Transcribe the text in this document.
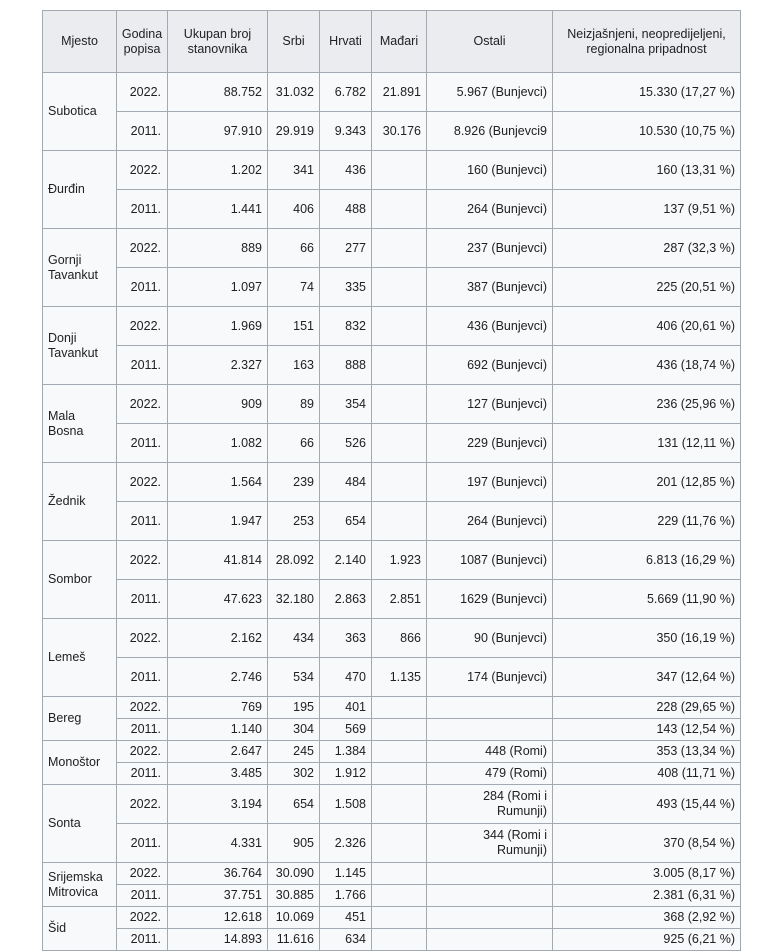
Mjesto	Godina popisa	Ukupan broj stanovnika	Srbi	Hrvati	Mađari	Ostali	Neizjašnjeni, neopredijeljeni, regionalna pripadnost
Subotica	2022.	88.752	31.032	6.782	21.891	5.967 (Bunjevci)	15.330 (17,27 %)
	2011.	97.910	29.919	9.343	30.176	8.926 (Bunjevci9	10.530 (10,75 %)
Đurđin	2022.	1.202	341	436		160 (Bunjevci)	160 (13,31 %)
	2011.	1.441	406	488		264 (Bunjevci)	137 (9,51 %)
Gornji Tavankut	2022.	889	66	277		237 (Bunjevci)	287 (32,3 %)
	2011.	1.097	74	335		387 (Bunjevci)	225 (20,51 %)
Donji Tavankut	2022.	1.969	151	832		436 (Bunjevci)	406 (20,61 %)
	2011.	2.327	163	888		692 (Bunjevci)	436 (18,74 %)
Mala Bosna	2022.	909	89	354		127 (Bunjevci)	236 (25,96 %)
	2011.	1.082	66	526		229 (Bunjevci)	131 (12,11 %)
Žednik	2022.	1.564	239	484		197 (Bunjevci)	201 (12,85 %)
	2011.	1.947	253	654		264 (Bunjevci)	229 (11,76 %)
Sombor	2022.	41.814	28.092	2.140	1.923	1087 (Bunjevci)	6.813 (16,29 %)
	2011.	47.623	32.180	2.863	2.851	1629 (Bunjevci)	5.669 (11,90 %)
Lemeš	2022.	2.162	434	363	866	90 (Bunjevci)	350 (16,19 %)
	2011.	2.746	534	470	1.135	174 (Bunjevci)	347 (12,64 %)
Bereg	2022.	769	195	401			228 (29,65 %)
	2011.	1.140	304	569			143 (12,54 %)
Monoštor	2022.	2.647	245	1.384		448 (Romi)	353 (13,34 %)
	2011.	3.485	302	1.912		479 (Romi)	408 (11,71 %)
Sonta	2022.	3.194	654	1.508		284 (Romi i Rumunji)	493 (15,44 %)
	2011.	4.331	905	2.326		344 (Romi i Rumunji)	370 (8,54 %)
Srijemska Mitrovica	2022.	36.764	30.090	1.145			3.005 (8,17 %)
	2011.	37.751	30.885	1.766			2.381 (6,31 %)
Šid	2022.	12.618	10.069	451			368 (2,92 %)
	2011.	14.893	11.616	634			925 (6,21 %)
